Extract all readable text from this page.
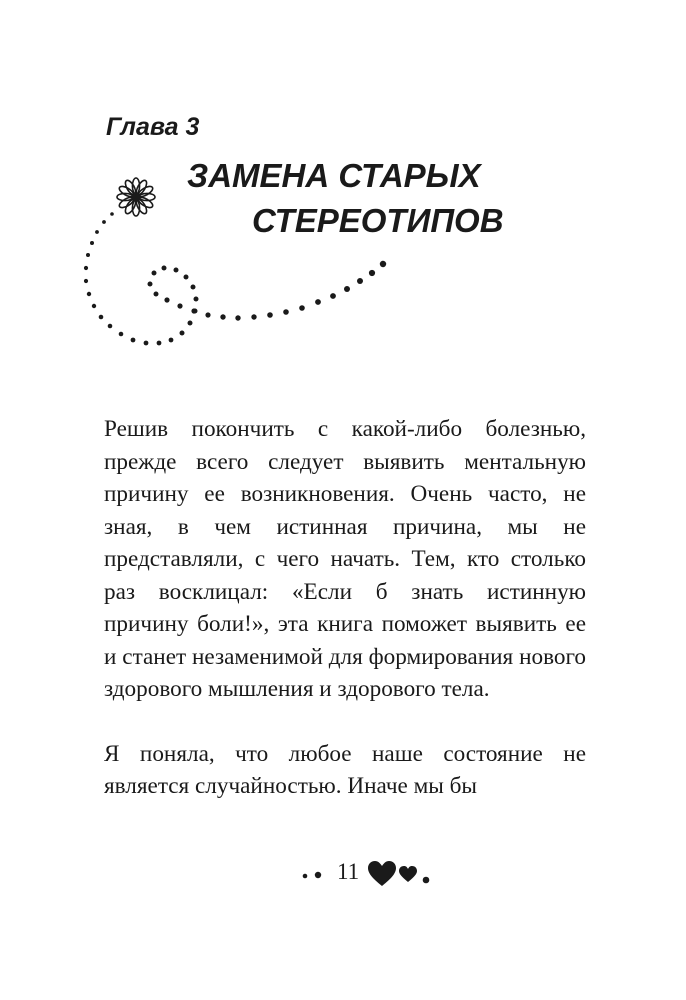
Глава 3
ЗАМЕНА СТАРЫХ
СТЕРЕОТИПОВ

Решив покончить с какой-либо болезнью, прежде всего следует выявить ментальную причину ее возникновения. Очень часто, не зная, в чем истинная причина, мы не представляли, с чего начать. Тем, кто столько раз восклицал: «Если б знать истинную причину боли!», эта книга поможет выявить ее и станет незаменимой для формирования нового здорового мышления и здорового тела.

Я поняла, что любое наше состояние не является случайностью. Иначе мы бы

11
